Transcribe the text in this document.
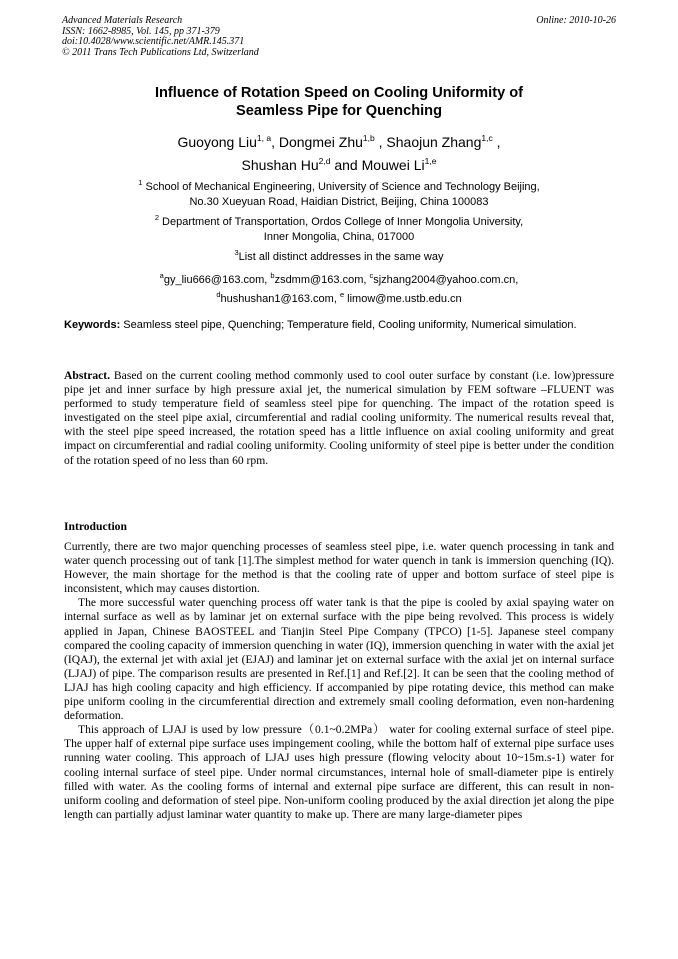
Advanced Materials Research
ISSN: 1662-8985, Vol. 145, pp 371-379
doi:10.4028/www.scientific.net/AMR.145.371
© 2011 Trans Tech Publications Ltd, Switzerland
Online: 2010-10-26
Influence of Rotation Speed on Cooling Uniformity of
Seamless Pipe for Quenching
Guoyong Liu$^{1, a}$, Dongmei Zhu$^{1,b}$ , Shaojun Zhang$^{1,c}$ ,
Shushan Hu$^{2,d}$ and Mouwei Li$^{1,e}$
$^1$ School of Mechanical Engineering, University of Science and Technology Beijing,
No.30 Xueyuan Road, Haidian District, Beijing, China 100083
$^2$ Department of Transportation, Ordos College of Inner Mongolia University,
Inner Mongolia, China, 017000
$^3$List all distinct addresses in the same way
$^a$gy_liu666@163.com, $^b$zsdmm@163.com, $^c$sjzhang2004@yahoo.com.cn,
$^d$hushushan1@163.com, $^e$ limow@me.ustb.edu.cn
Keywords: Seamless steel pipe, Quenching; Temperature field, Cooling uniformity, Numerical simulation.
Abstract. Based on the current cooling method commonly used to cool outer surface by constant (i.e. low)pressure pipe jet and inner surface by high pressure axial jet, the numerical simulation by FEM software –FLUENT was performed to study temperature field of seamless steel pipe for quenching. The impact of the rotation speed is investigated on the steel pipe axial, circumferential and radial cooling uniformity. The numerical results reveal that, with the steel pipe speed increased, the rotation speed has a little influence on axial cooling uniformity and great impact on circumferential and radial cooling uniformity. Cooling uniformity of steel pipe is better under the condition of the rotation speed of no less than 60 rpm.
Introduction

Currently, there are two major quenching processes of seamless steel pipe, i.e. water quench processing in tank and water quench processing out of tank [1].The simplest method for water quench in tank is immersion quenching (IQ). However, the main shortage for the method is that the cooling rate of upper and bottom surface of steel pipe is inconsistent, which may causes distortion.

The more successful water quenching process off water tank is that the pipe is cooled by axial spaying water on internal surface as well as by laminar jet on external surface with the pipe being revolved. This process is widely applied in Japan, Chinese BAOSTEEL and Tianjin Steel Pipe Company (TPCO) [1-5]. Japanese steel company compared the cooling capacity of immersion quenching in water (IQ), immersion quenching in water with the axial jet (IQAJ), the external jet with axial jet (EJAJ) and laminar jet on external surface with the axial jet on internal surface (LJAJ) of pipe. The comparison results are presented in Ref.[1] and Ref.[2]. It can be seen that the cooling method of LJAJ has high cooling capacity and high efficiency. If accompanied by pipe rotating device, this method can make pipe uniform cooling in the circumferential direction and extremely small cooling deformation, even non-hardening deformation.

This approach of LJAJ is used by low pressure（0.1~0.2MPa） water for cooling external surface of steel pipe. The upper half of external pipe surface uses impingement cooling, while the bottom half of external pipe surface uses running water cooling. This approach of LJAJ uses high pressure (flowing velocity about 10~15m.s-1) water for cooling internal surface of steel pipe. Under normal circumstances, internal hole of small-diameter pipe is entirely filled with water. As the cooling forms of internal and external pipe surface are different, this can result in non-uniform cooling and deformation of steel pipe. Non-uniform cooling produced by the axial direction jet along the pipe length can partially adjust laminar water quantity to make up. There are many large-diameter pipes
